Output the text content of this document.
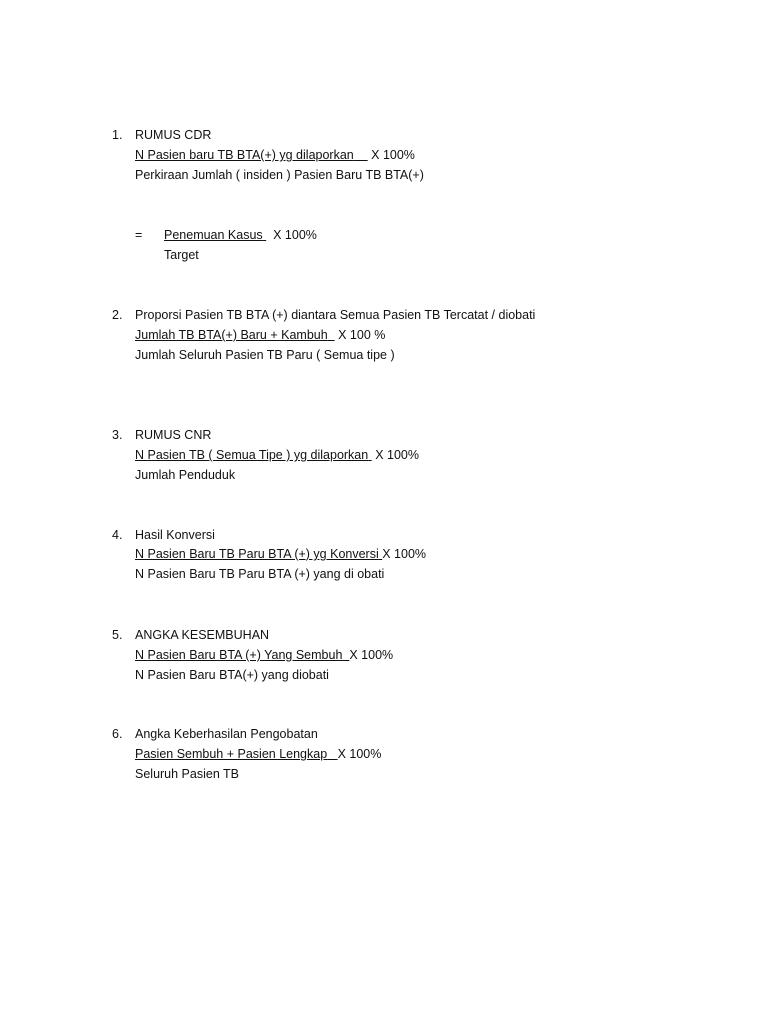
1. RUMUS CDR
N Pasien baru TB BTA(+) yg dilaporkan X 100%
Perkiraan Jumlah ( insiden ) Pasien Baru TB BTA(+)
= Penemuan Kasus X 100%
Target
2. Proporsi Pasien TB BTA (+) diantara Semua Pasien TB Tercatat / diobati
Jumlah TB BTA(+) Baru + Kambuh X 100 %
Jumlah Seluruh Pasien TB Paru ( Semua tipe )
3. RUMUS CNR
N Pasien TB ( Semua Tipe ) yg dilaporkan X 100%
Jumlah Penduduk
4. Hasil Konversi
N Pasien Baru TB Paru BTA (+) yg Konversi X 100%
N Pasien Baru TB Paru BTA (+) yang di obati
5. ANGKA KESEMBUHAN
N Pasien Baru BTA (+) Yang Sembuh X 100%
N Pasien Baru BTA(+) yang diobati
6. Angka Keberhasilan Pengobatan
Pasien Sembuh + Pasien Lengkap X 100%
Seluruh Pasien TB
